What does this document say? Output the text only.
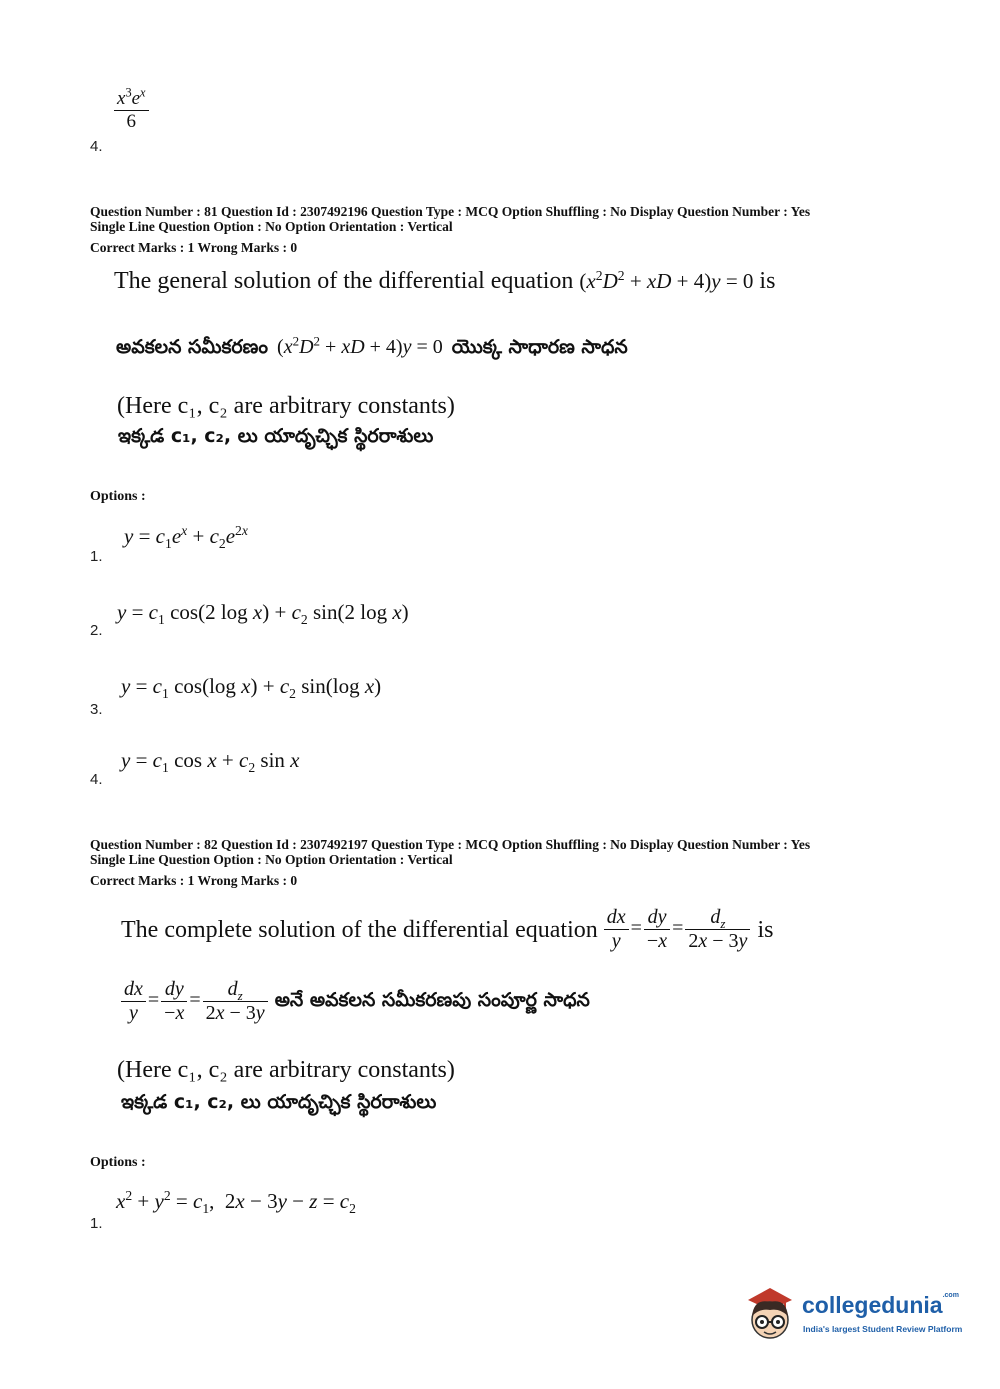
$\frac{x^3e^x}{6}$
4.
Question Number : 81 Question Id : 2307492196 Question Type : MCQ Option Shuffling : No Display Question Number : Yes
Single Line Question Option : No Option Orientation : Vertical
Correct Marks : 1 Wrong Marks : 0
The general solution of the differential equation ($x^2D^2$ + xD + 4)y = 0 is
అవకలన సమీకరణం  ($x^2D^2$ + xD + 4)y = 0  యొక్క సాధారణ సాధన
(Here c₁, c₂ are arbitrary constants)
ఇక్కడ c₁, c₂, లు యాదృచ్ఛిక స్థిరరాశులు
Options :
$y = c_1e^x + c_2e^{2x}$
1.
$y = c_1$ cos(2 $\log x) + c_2$ sin(2 log x)
2.
$y = c_1$ cos(log $x) + c_2$ sin(log x)
3.
$y = c_1$ $\cos x + c_2$ sin x
4.
Question Number : 82 Question Id : 2307492197 Question Type : MCQ Option Shuffling : No Display Question Number : Yes
Single Line Question Option : No Option Orientation : Vertical
Correct Marks : 1 Wrong Marks : 0
The complete solution of the differential equation $\frac{dx}{y} = \frac{dy}{-x} = \frac{d_z}{2x - 3y}$ is
$\frac{dx}{y} = \frac{dy}{-x} = \frac{d_z}{2x - 3y}$ అనే అవకలన సమీకరణపు సంపూర్ణ సాధన
(Here c₁, c₂ are arbitrary constants)
ఇక్కడ c₁, c₂, లు యాదృచ్ఛిక స్థిరరాశులు
Options :
$x^2 + y^2 = c_1$,  $2x - 3y - z = c_2$
1.
collegedunia$^{.com}$
India's largest Student Review Platform
